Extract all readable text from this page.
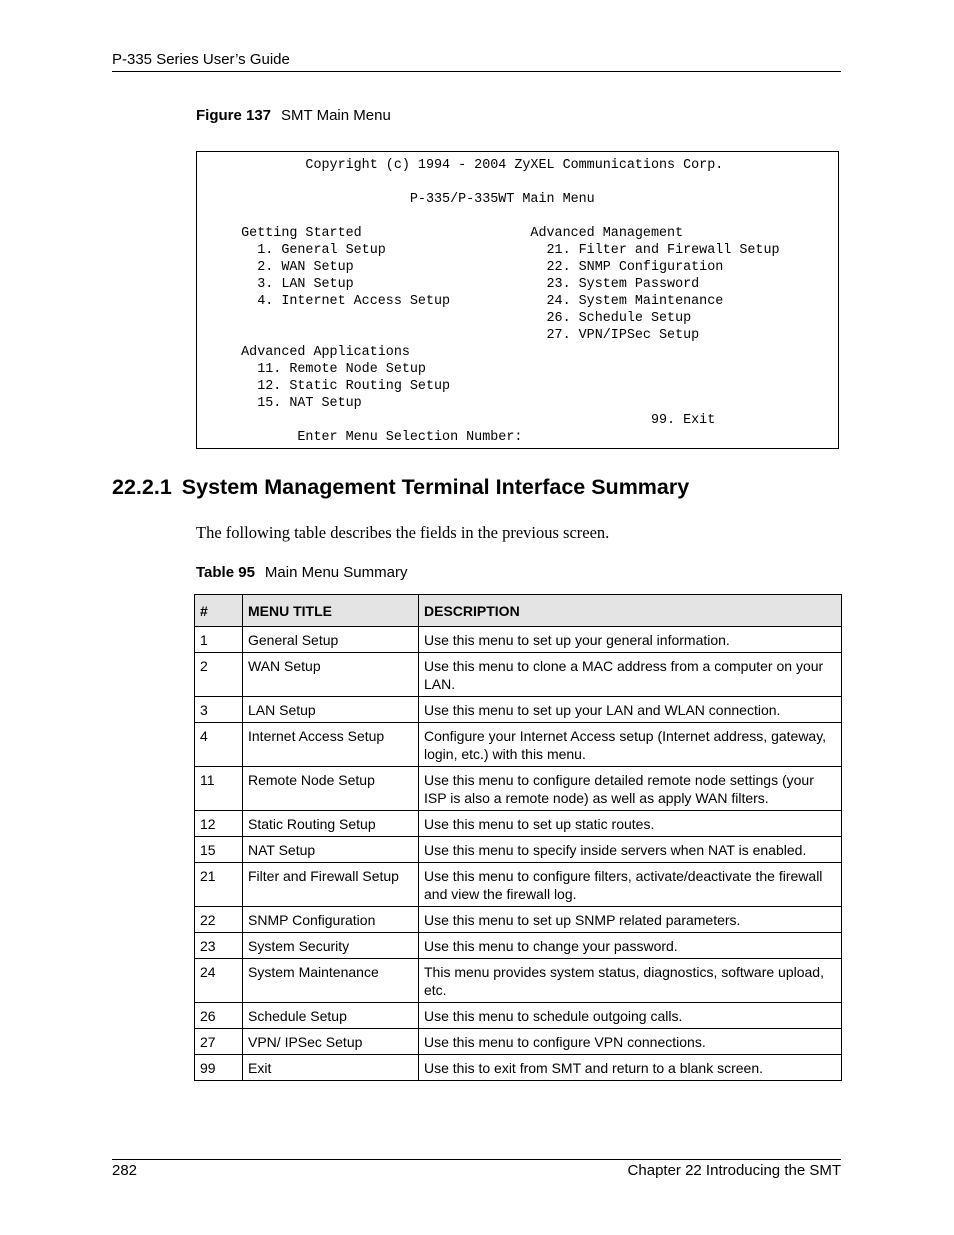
P-335 Series User’s Guide
Figure 137 SMT Main Menu
Copyright (c) 1994 - 2004 ZyXEL Communications Corp.

P-335/P-335WT Main Menu

Getting Started                     Advanced Management
1. General Setup                    21. Filter and Firewall Setup
2. WAN Setup                        22. SNMP Configuration
3. LAN Setup                        23. System Password
4. Internet Access Setup            24. System Maintenance
26. Schedule Setup
27. VPN/IPSec Setup
Advanced Applications
11. Remote Node Setup
12. Static Routing Setup
15. NAT Setup
99. Exit
Enter Menu Selection Number:

22.2.1 System Management Terminal Interface Summary
The following table describes the fields in the previous screen.
Table 95 Main Menu Summary
#	MENU TITLE	DESCRIPTION
1	General Setup	Use this menu to set up your general information.
2	WAN Setup	Use this menu to clone a MAC address from a computer on your LAN.
3	LAN Setup	Use this menu to set up your LAN and WLAN connection.
4	Internet Access Setup	Configure your Internet Access setup (Internet address, gateway, login, etc.) with this menu.
11	Remote Node Setup	Use this menu to configure detailed remote node settings (your ISP is also a remote node) as well as apply WAN filters.
12	Static Routing Setup	Use this menu to set up static routes.
15	NAT Setup	Use this menu to specify inside servers when NAT is enabled.
21	Filter and Firewall Setup	Use this menu to configure filters, activate/deactivate the firewall and view the firewall log.
22	SNMP Configuration	Use this menu to set up SNMP related parameters.
23	System Security	Use this menu to change your password.
24	System Maintenance	This menu provides system status, diagnostics, software upload, etc.
26	Schedule Setup	Use this menu to schedule outgoing calls.
27	VPN/ IPSec Setup	Use this menu to configure VPN connections.
99	Exit	Use this to exit from SMT and return to a blank screen.
282	Chapter 22 Introducing the SMT
